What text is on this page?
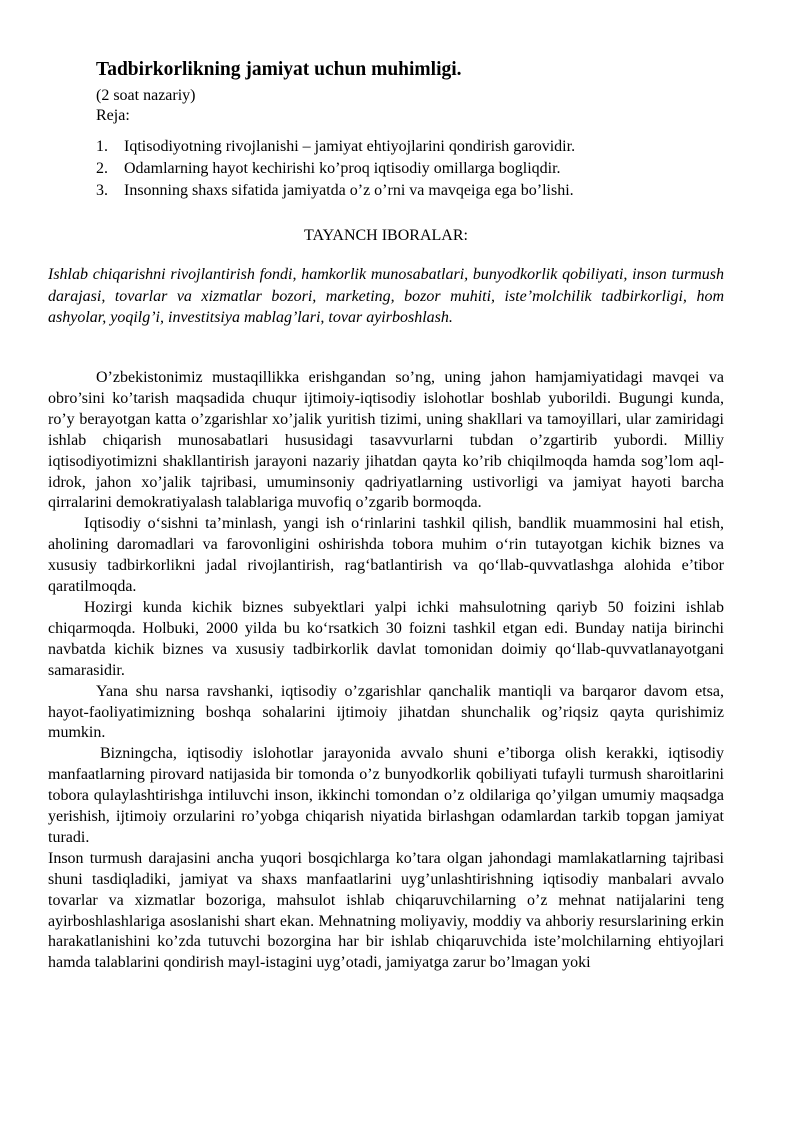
Tadbirkorlikning jamiyat uchun muhimligi.
(2 soat nazariy)
Reja:
1.	Iqtisodiyotning rivojlanishi – jamiyat ehtiyojlarini qondirish garovidir.
2.	Odamlarning hayot kechirishi ko’proq iqtisodiy omillarga bogliqdir.
3.	Insonning shaxs sifatida jamiyatda o’z o’rni va mavqeiga ega bo’lishi.
TAYANCH IBORALAR:

Ishlab chiqarishni rivojlantirish fondi, hamkorlik munosabatlari, bunyodkorlik qobiliyati, inson turmush darajasi, tovarlar va xizmatlar bozori, marketing, bozor muhiti, iste’molchilik tadbirkorligi, hom ashyolar, yoqilg’i, investitsiya mablag’lari, tovar ayirboshlash.

O’zbekistonimiz mustaqillikka erishgandan so’ng, uning jahon hamjamiyatidagi mavqei va obro’sini ko’tarish maqsadida chuqur ijtimoiy-iqtisodiy islohotlar boshlab yuborildi. Bugungi kunda, ro’y berayotgan katta o’zgarishlar xo’jalik yuritish tizimi, uning shakllari va tamoyillari, ular zamiridagi ishlab chiqarish munosabatlari hususidagi tasavvurlarni tubdan o’zgartirib yubordi. Milliy iqtisodiyotimizni shakllantirish jarayoni nazariy jihatdan qayta ko’rib chiqilmoqda hamda sog’lom aql-idrok, jahon xo’jalik tajribasi, umuminsoniy qadriyatlarning ustivorligi va jamiyat hayoti barcha qirralarini demokratiyalash talablariga muvofiq o’zgarib bormoqda.

Iqtisodiy o‘sishni ta’minlash, yangi ish o‘rinlarini tashkil qilish, bandlik muammosini hal etish, aholining daromadlari va farovonligini oshirishda tobora muhim o‘rin tutayotgan kichik biznes va xususiy tadbirkorlikni jadal rivojlantirish, rag‘batlantirish va qo‘llab-quvvatlashga alohida e’tibor qaratilmoqda.

Hozirgi kunda kichik biznes subyektlari yalpi ichki mahsulotning qariyb 50 foizini ishlab chiqarmoqda. Holbuki, 2000 yilda bu ko‘rsatkich 30 foizni tashkil etgan edi. Bunday natija birinchi navbatda kichik biznes va xususiy tadbirkorlik davlat tomonidan doimiy qo‘llab-quvvatlanayotgani samarasidir.

Yana shu narsa ravshanki, iqtisodiy o’zgarishlar qanchalik mantiqli va barqaror davom etsa, hayot-faoliyatimizning boshqa sohalarini ijtimoiy jihatdan shunchalik og’riqsiz qayta qurishimiz mumkin.

Bizningcha, iqtisodiy islohotlar jarayonida avvalo shuni e’tiborga olish kerakki, iqtisodiy manfaatlarning pirovard natijasida bir tomonda o’z bunyodkorlik qobiliyati tufayli turmush sharoitlarini tobora qulaylashtirishga intiluvchi inson, ikkinchi tomondan o’z oldilariga qo’yilgan umumiy maqsadga yerishish, ijtimoiy orzularini ro’yobga chiqarish niyatida birlashgan odamlardan tarkib topgan jamiyat turadi.

Inson turmush darajasini ancha yuqori bosqichlarga ko’tara olgan jahondagi mamlakatlarning tajribasi shuni tasdiqladiki, jamiyat va shaxs manfaatlarini uyg’unlashtirishning iqtisodiy manbalari avvalo tovarlar va xizmatlar bozoriga, mahsulot ishlab chiqaruvchilarning o’z mehnat natijalarini teng ayirboshlashlariga asoslanishi shart ekan. Mehnatning moliyaviy, moddiy va ahboriy resurslarining erkin harakatlanishini ko’zda tutuvchi bozorgina har bir ishlab chiqaruvchida iste’molchilarning ehtiyojlari hamda talablarini qondirish mayl-istagini uyg’otadi, jamiyatga zarur bo’lmagan yoki
